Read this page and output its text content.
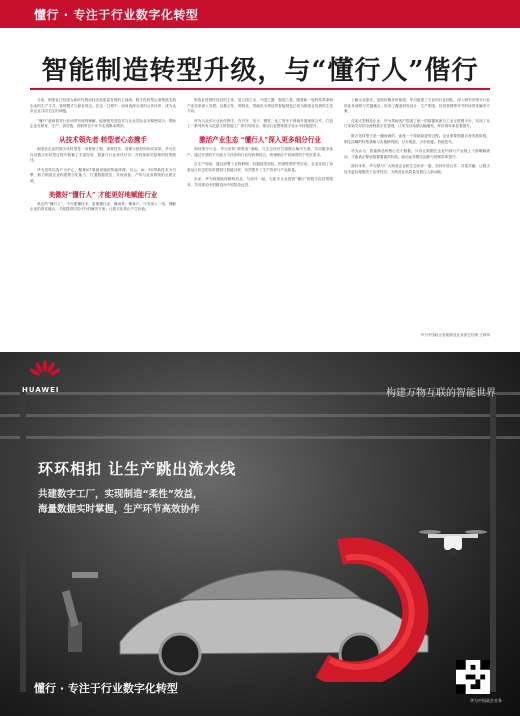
懂行 · 专注于行业数字化转型
智能制造转型升级，与“懂行人”偕行

当前，制造业已经成为新时代推动经济高质量发展的主战场，数字化转型正深刻改变着企业的生产方式、管理模式与商业形态。在这一过程中，如何选择合适的合作伙伴，成为众多企业共同关注的问题。

“懂行”意味着对行业场景有深刻理解，能够把先进技术与企业实际业务紧密结合，帮助企业在研发、生产、供应链、营销等各个环节实现降本增效。

从技术领先者 转型者心态携手

制造业企业的数字化转型是一项系统工程，需要技术、管理与组织的协同变革。华为在自身数字化转型过程中积累了丰富经验，愿意与行业伙伴分享，共同探索可复制的转型路径。

华为坚持以客户为中心，聚焦ICT基础设施和智能终端，以云、AI、5G等新技术为引擎，助力制造企业构建数字化能力，打通数据孤岛，实现设备、产线与业务系统的全面互联。

美微好“懂行人” 才能更好地赋能行业

真正的“懂行人”，不仅要懂技术，更要懂行业、懂场景、懂客户。只有深入一线，理解企业的真实痛点，才能提供切实可行的解决方案，让数字化真正产生价值。

制造业是国民经济的主体，是立国之本、兴国之器、强国之基。随着新一轮科技革命和产业变革深入发展，以数字化、网络化、智能化为特征的智能制造已成为制造业发展的主攻方向。

华为与众多行业伙伴携手，在汽车、电子、钢铁、化工等多个领域开展深度合作，打造了一系列具有示范意义的智能工厂和灯塔项目，推动行业整体数字化水平持续提升。

激活产业生态 “懂行人”深入更多细分行业

面向细分行业，华为坚持“被集成”战略，与生态伙伴共建联合解决方案，共同服务客户。通过开放的平台能力与伙伴的行业经验相结合，快速响应不同场景的个性化需求。

在生产现场，通过部署工业物联网、机器视觉质检、预测性维护等应用，企业实现了设备运行状态的实时感知与智能分析，有效提升了生产效率与产品质量。

未来，华为将继续深耕制造业，与伙伴一起，为更多企业提供“懂行”的数字化转型服务，共同推动中国制造向中国智造迈进。

了解企业需求，是做好服务的前提。华为组建了专业的行业团队，深入研究各细分行业的业务流程与关键痛点，形成了覆盖研发设计、生产制造、经营管理等环节的场景化解决方案。

在某大型制造企业，华为帮助客户搭建了统一的数据底座与工业互联网平台，实现了从订单到交付的全流程数字化管理，订单交付周期大幅缩短，库存周转率显著提升。

数字化转型不是一蹴而就的，而是一个持续演进的过程。企业需要根据自身发展阶段，制定清晰的转型战略与实施路线图，分步推进，小步快跑，持续迭代。

华为认为，智能制造的核心在于数据。只有让数据在企业内部与产业链上下游顺畅流动，才能真正释放数据要素的价值，驱动业务模式创新与管理效率提升。

面向未来，华为愿与广大制造企业和生态伙伴一道，坚持开放合作、共创共赢，让数字技术更好地服务于实体经济，为制造业高质量发展注入新动能。

华为中国政企智能制造业务部总经理 王炳炜
HUAWEI	构建万物互联的智能世界
环环相扣 让生产跳出流水线
共建数字工厂，实现制造“柔性”效益，
海量数据实时掌握，生产环节高效协作
懂行 · 专注于行业数字化转型
华为中国政企业务
